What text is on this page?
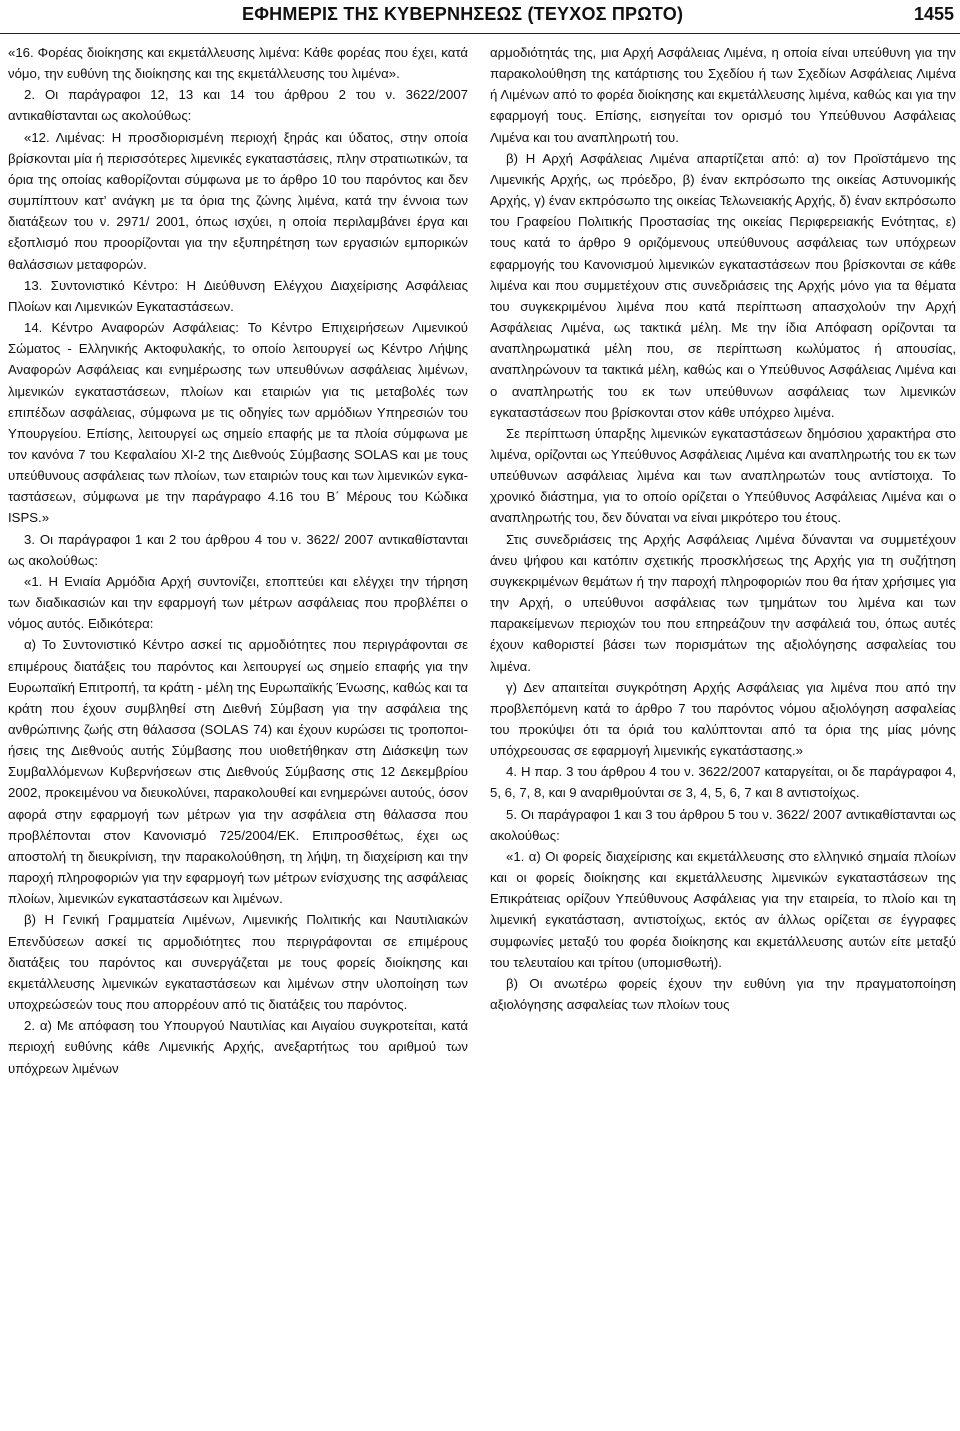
ΕΦΗΜΕΡΙΣ ΤΗΣ ΚΥΒΕΡΝΗΣΕΩΣ (ΤΕΥΧΟΣ ΠΡΩΤΟ)	1455

«16. Φορέας διοίκησης και εκμετάλλευσης λιμένα: Κάθε φορέας που έχει, κατά νόμο, την ευθύνη της διοίκησης και της εκμετάλλευσης του λιμένα».

2. Οι παράγραφοι 12, 13 και 14 του άρθρου 2 του ν. 3622/2007 αντικαθίστανται ως ακολούθως:

«12. Λιμένας: Η προσδιορισμένη περιοχή ξηράς και ύδατος, στην οποία βρίσκονται μία ή περισσότερες λιμενικές εγκαταστάσεις, πλην στρατιωτικών, τα όρια της οποίας καθορίζονται σύμφωνα με το άρθρο 10 του παρόντος και δεν συμπίπτουν κατ’ ανάγκη με τα όρια της ζώνης λιμένα, κατά την έννοια των διατάξεων του ν. 2971/ 2001, όπως ισχύει, η οποία περιλαμβάνει έργα και εξοπλισμό που προορίζονται για την εξυπηρέτηση των εργασιών εμπορικών θαλάσσιων μεταφορών.

13. Συντονιστικό Κέντρο: Η Διεύθυνση Ελέγχου Διαχείρισης Ασφάλειας Πλοίων και Λιμενικών Εγκαταστάσεων.

14. Κέντρο Αναφορών Ασφάλειας: Το Κέντρο Επιχειρήσεων Λιμενικού Σώματος - Ελληνικής Ακτοφυλακής, το οποίο λειτουργεί ως Κέντρο Λήψης Αναφορών Ασφάλειας και ενημέρωσης των υπευθύνων ασφάλειας λιμένων, λιμενικών εγκαταστάσεων, πλοίων και εταιριών για τις μεταβολές των επιπέδων ασφάλειας, σύμφωνα με τις οδηγίες των αρμόδιων Υπηρεσιών του Υπουργείου. Επίσης, λειτουργεί ως σημείο επαφής με τα πλοία σύμφωνα με τον κανόνα 7 του Κεφαλαίου XI-2 της Διεθνούς Σύμβασης SOLAS και με τους υπεύθυνους ασφάλειας των πλοίων, των εταιριών τους και των λιμενικών εγκαταστάσεων, σύμφωνα με την παράγραφο 4.16 του Β΄ Μέρους του Κώδικα ISPS.»

3. Οι παράγραφοι 1 και 2 του άρθρου 4 του ν. 3622/ 2007 αντικαθίστανται ως ακολούθως:

«1. Η Ενιαία Αρμόδια Αρχή συντονίζει, εποπτεύει και ελέγχει την τήρηση των διαδικασιών και την εφαρμογή των μέτρων ασφάλειας που προβλέπει ο νόμος αυτός. Ειδικότερα:

α) Το Συντονιστικό Κέντρο ασκεί τις αρμοδιότητες που περιγράφονται σε επιμέρους διατάξεις του παρόντος και λειτουργεί ως σημείο επαφής για την Ευρωπαϊκή Επιτροπή, τα κράτη - μέλη της Ευρωπαϊκής Ένωσης, καθώς και τα κράτη που έχουν συμβληθεί στη Διεθνή Σύμβαση για την ασφάλεια της ανθρώπινης ζωής στη θάλασσα (SOLAS 74) και έχουν κυρώσει τις τροποποιήσεις της Διεθνούς αυτής Σύμβασης που υιοθετήθηκαν στη Διάσκεψη των Συμβαλλόμενων Κυβερνήσεων στις Διεθνούς Σύμβασης στις 12 Δεκεμβρίου 2002, προκειμένου να διευκολύνει, παρακολουθεί και ενημερώνει αυτούς, όσον αφορά στην εφαρμογή των μέτρων για την ασφάλεια στη θάλασσα που προβλέπονται στον Κανονισμό 725/2004/ΕΚ. Επιπροσθέτως, έχει ως αποστολή τη διευκρίνιση, την παρακολούθηση, τη λήψη, τη διαχείριση και την παροχή πληροφοριών για την εφαρμογή των μέτρων ενίσχυσης της ασφάλειας πλοίων, λιμενικών εγκαταστάσεων και λιμένων.

β) Η Γενική Γραμματεία Λιμένων, Λιμενικής Πολιτικής και Ναυτιλιακών Επενδύσεων ασκεί τις αρμοδιότητες που περιγράφονται σε επιμέρους διατάξεις του παρόντος και συνεργάζεται με τους φορείς διοίκησης και εκμετάλλευσης λιμενικών εγκαταστάσεων και λιμένων στην υλοποίηση των υποχρεώσεών τους που απορρέουν από τις διατάξεις του παρόντος.

2. α) Με απόφαση του Υπουργού Ναυτιλίας και Αιγαίου συγκροτείται, κατά περιοχή ευθύνης κάθε Λιμενικής Αρχής, ανεξαρτήτως του αριθμού των υπόχρεων λιμένων

αρμοδιότητάς της, μια Αρχή Ασφάλειας Λιμένα, η οποία είναι υπεύθυνη για την παρακολούθηση της κατάρτισης του Σχεδίου ή των Σχεδίων Ασφάλειας Λιμένα ή Λιμένων από το φορέα διοίκησης και εκμετάλλευσης λιμένα, καθώς και για την εφαρμογή τους. Επίσης, εισηγείται τον ορισμό του Υπεύθυνου Ασφάλειας Λιμένα και του αναπληρωτή του.

β) Η Αρχή Ασφάλειας Λιμένα απαρτίζεται από: α) τον Προϊστάμενο της Λιμενικής Αρχής, ως πρόεδρο, β) έναν εκπρόσωπο της οικείας Αστυνομικής Αρχής, γ) έναν εκπρόσωπο της οικείας Τελωνειακής Αρχής, δ) έναν εκπρόσωπο του Γραφείου Πολιτικής Προστασίας της οικείας Περιφερειακής Ενότητας, ε) τους κατά το άρθρο 9 οριζόμενους υπεύθυνους ασφάλειας των υπόχρεων εφαρμογής του Κανονισμού λιμενικών εγκαταστάσεων που βρίσκονται σε κάθε λιμένα και που συμμετέχουν στις συνεδριάσεις της Αρχής μόνο για τα θέματα του συγκεκριμένου λιμένα που κατά περίπτωση απασχολούν την Αρχή Ασφάλειας Λιμένα, ως τακτικά μέλη. Με την ίδια Απόφαση ορίζονται τα αναπληρωματικά μέλη που, σε περίπτωση κωλύματος ή απουσίας, αναπληρώνουν τα τακτικά μέλη, καθώς και ο Υπεύθυνος Ασφάλειας Λιμένα και ο αναπληρωτής του εκ των υπεύθυνων ασφάλειας των λιμενικών εγκαταστάσεων που βρίσκονται στον κάθε υπόχρεο λιμένα.

Σε περίπτωση ύπαρξης λιμενικών εγκαταστάσεων δημόσιου χαρακτήρα στο λιμένα, ορίζονται ως Υπεύθυνος Ασφάλειας Λιμένα και αναπληρωτής του εκ των υπεύθυνων ασφάλειας λιμένα και των αναπληρωτών τους αντίστοιχα. Το χρονικό διάστημα, για το οποίο ορίζεται ο Υπεύθυνος Ασφάλειας Λιμένα και ο αναπληρωτής του, δεν δύναται να είναι μικρότερο του έτους.

Στις συνεδριάσεις της Αρχής Ασφάλειας Λιμένα δύνανται να συμμετέχουν άνευ ψήφου και κατόπιν σχετικής προσκλήσεως της Αρχής για τη συζήτηση συγκεκριμένων θεμάτων ή την παροχή πληροφοριών που θα ήταν χρήσιμες για την Αρχή, ο υπεύθυνοι ασφάλειας των τμημάτων του λιμένα και των παρακείμενων περιοχών του που επηρεάζουν την ασφάλειά του, όπως αυτές έχουν καθοριστεί βάσει των πορισμάτων της αξιολόγησης ασφαλείας του λιμένα.

γ) Δεν απαιτείται συγκρότηση Αρχής Ασφάλειας για λιμένα που από την προβλεπόμενη κατά το άρθρο 7 του παρόντος νόμου αξιολόγηση ασφαλείας του προκύψει ότι τα όριά του καλύπτονται από τα όρια της μίας μόνης υπόχρεουσας σε εφαρμογή λιμενικής εγκατάστασης.»

4. Η παρ. 3 του άρθρου 4 του ν. 3622/2007 καταργείται, οι δε παράγραφοι 4, 5, 6, 7, 8, και 9 αναριθμούνται σε 3, 4, 5, 6, 7 και 8 αντιστοίχως.

5. Οι παράγραφοι 1 και 3 του άρθρου 5 του ν. 3622/ 2007 αντικαθίστανται ως ακολούθως:

«1. α) Οι φορείς διαχείρισης και εκμετάλλευσης στο ελληνικό σημαία πλοίων και οι φορείς διοίκησης και εκμετάλλευσης λιμενικών εγκαταστάσεων της Επικράτειας ορίζουν Υπεύθυνους Ασφάλειας για την εταιρεία, το πλοίο και τη λιμενική εγκατάσταση, αντιστοίχως, εκτός αν άλλως ορίζεται σε έγγραφες συμφωνίες μεταξύ του φορέα διοίκησης και εκμετάλλευσης αυτών είτε μεταξύ του τελευταίου και τρίτου (υπομισθωτή).

β) Οι ανωτέρω φορείς έχουν την ευθύνη για την πραγματοποίηση αξιολόγησης ασφαλείας των πλοίων τους
